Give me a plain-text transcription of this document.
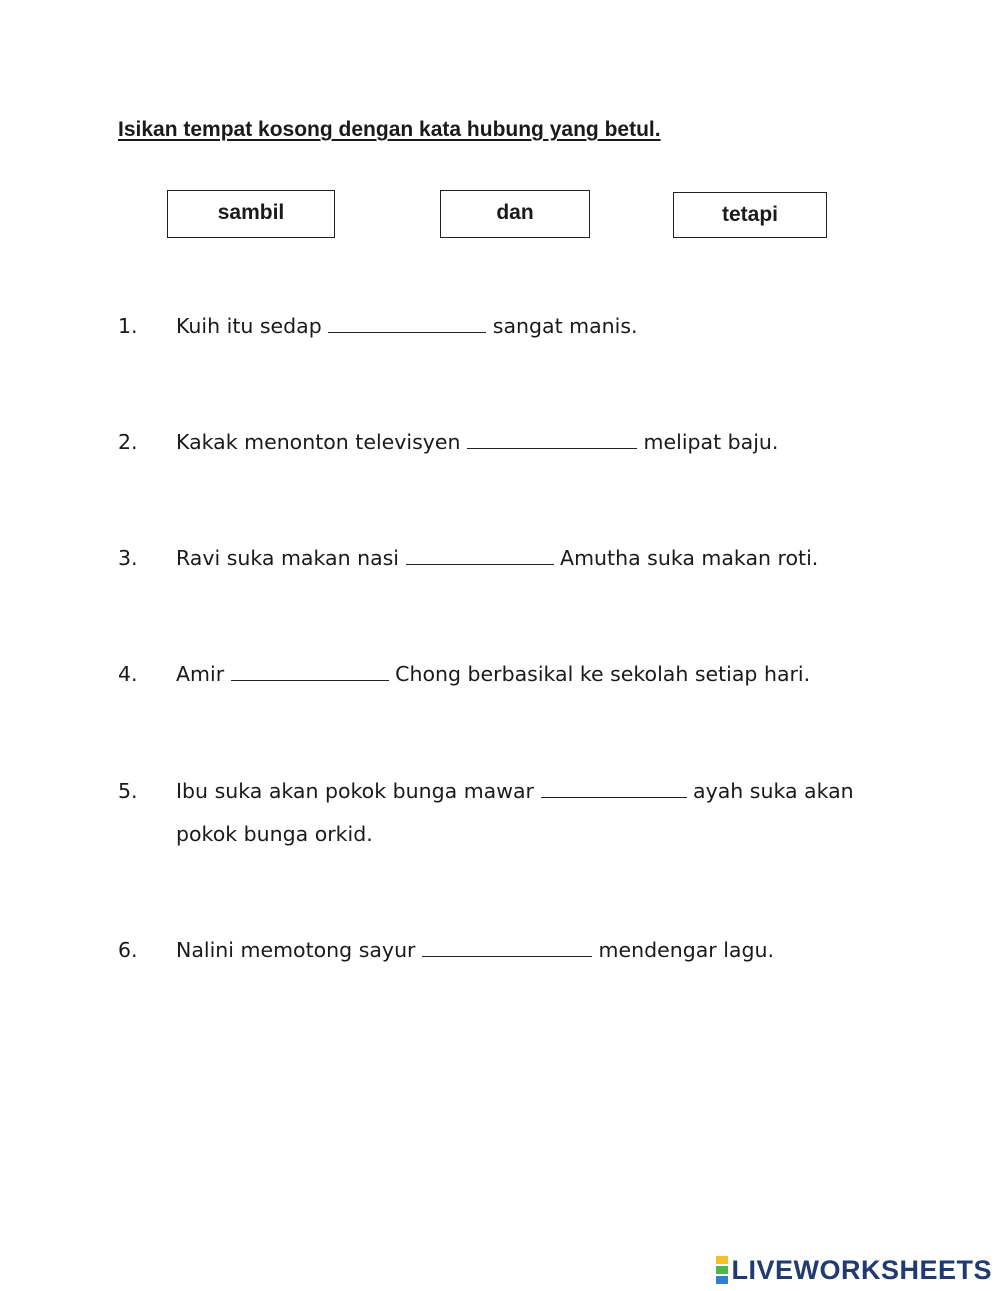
Isikan tempat kosong dengan kata hubung yang betul.
sambil	dan	tetapi
1. Kuih itu sedap	sangat manis.
2. Kakak menonton televisyen	melipat baju.
3. Ravi suka makan nasi	Amutha suka makan roti.
4. Amir	Chong berbasikal ke sekolah setiap hari.
5. Ibu suka akan pokok bunga mawar	ayah suka akan pokok bunga orkid.
6. Nalini memotong sayur	mendengar lagu.
LIVEWORKSHEETS
